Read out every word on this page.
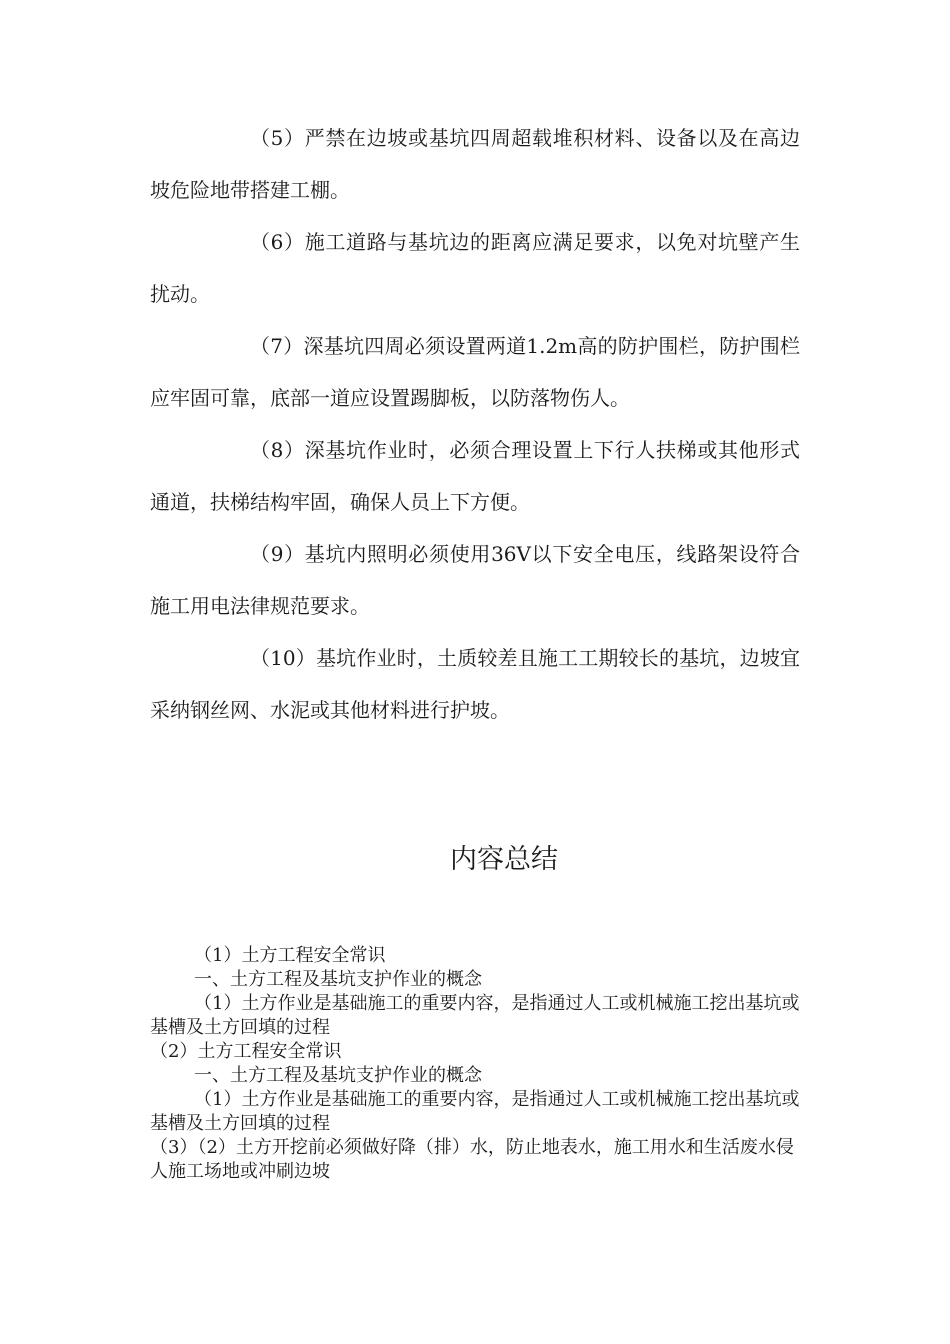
（5）严禁在边坡或基坑四周超载堆积材料、设备以及在高边坡危险地带搭建工棚。

（6）施工道路与基坑边的距离应满足要求，以免对坑壁产生扰动。

（7）深基坑四周必须设置两道1.2m高的防护围栏，防护围栏应牢固可靠，底部一道应设置踢脚板，以防落物伤人。

（8）深基坑作业时，必须合理设置上下行人扶梯或其他形式通道，扶梯结构牢固，确保人员上下方便。

（9）基坑内照明必须使用36V以下安全电压，线路架设符合施工用电法律规范要求。

（10）基坑作业时，土质较差且施工工期较长的基坑，边坡宜采纳钢丝网、水泥或其他材料进行护坡。

内容总结

（1）土方工程安全常识

一、土方工程及基坑支护作业的概念

（1）土方作业是基础施工的重要内容，是指通过人工或机械施工挖出基坑或基槽及土方回填的过程

（2）土方工程安全常识

一、土方工程及基坑支护作业的概念

（1）土方作业是基础施工的重要内容，是指通过人工或机械施工挖出基坑或基槽及土方回填的过程

（3）（2）土方开挖前必须做好降（排）水，防止地表水，施工用水和生活废水侵人施工场地或冲刷边坡
